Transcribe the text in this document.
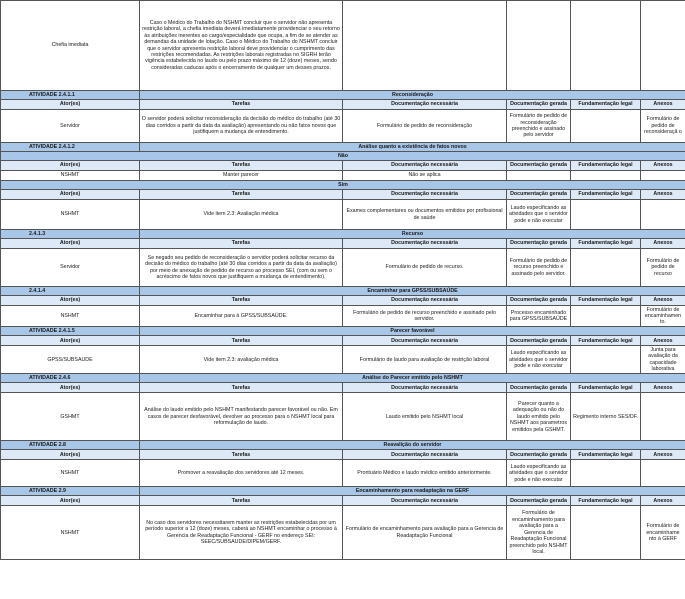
Chefia imediata	Caso o Médico do Trabalho do NSHMT concluir que o servidor não apresenta restrição laboral, a chefia imediata deverá imediatamente providenciar o seu retorno às atribuições inerentes ao cargo/especialidade que ocupa, a fim de se atender as demandas da unidade de lotação. Caso o Médico do Trabalho do NSHMT concluir que o servidor apresenta restrição laboral deve providenciar o cumprimento das restrições recomendadas. As restrições laborais registradas no SIGRH terão vigência estabelecida no laudo ou pelo prazo máximo de 12 (doze) meses, sendo consideradas caducas após o encerramento de qualquer um desses prazos.				
ATIVIDADE 2.4.1.1	Reconsideração				
Ator(es)	Tarefas	Documentação necessária	Documentação gerada	Fundamentação legal	Anexos
Servidor	O servidor poderá solicitar reconsideração da decisão do médico do trabalho (até 30 dias corridos a partir da data da avaliação) apresentando ou não fatos novos que justifiquem a mudança de entendimento.	Formulário de pedido de reconsideração	Formulário de pedido de reconsideração preenchido e assinado pelo servidor		Formulário de pedido de reconsideraçã o
ATIVIDADE 2.4.1.2	Análise quanto a existência de fatos novos				
Não					
Ator(es)	Tarefas	Documentação necessária	Documentação gerada	Fundamentação legal	Anexos
NSHMT	Manter parecer	Não se aplica			
Sim					
Ator(es)	Tarefas	Documentação necessária	Documentação gerada	Fundamentação legal	Anexos
NSHMT	Vide item 2.3: Avaliação médica	Exames complementares ou documentos emitidos por profissional de saúde	Laudo especificando as atividades que o servidor pode e não executar		
2.4.1.3	Recurso				
Ator(es)	Tarefas	Documentação necessária	Documentação gerada	Fundamentação legal	Anexos
Servidor	Se negado seu pedido de reconsideração o servidor poderá solicitar recurso da decisão do médico do trabalho (até 30 dias corridos a partir da data da avaliação) por meio de anexação de pedido de recurso ao processo SEI, (com ou sem o acréscimo de fatos novos que justifiquem a mudança de entendimento).	Formulário de pedido de recurso.	Formulário de pedido de recurso preenchido e assinado pelo servidor.		Formulário de pedido de recurso
2.4.1.4	Encaminhar para GPSS/SUBSAÚDE				
Ator(es)	Tarefas	Documentação necessária	Documentação gerada	Fundamentação legal	Anexos
NSHMT	Encaminhar para à GPSS/SUBSAÚDE.	Formulário de pedido de recurso preenchido e assinado pelo servidor.	Processo encaminhado para GPSS/SUBSAÚDE		Formulário de encaminhamen to.
ATIVIDADE 2.4.1.5	Parecer favorável				
Ator(es)	Tarefas	Documentação necessária	Documentação gerada	Fundamentação legal	Anexos
GPSS/SUBSAUDE	Vide item 2.3: avaliação médica	Formulário de laudo para avaliação de restrição laboral	Laudo especificando as atividades que o servidor pode e não executar		Junta para avaliação da capacidade laborativa
ATIVIDADE 2.4.6	Análise do Parecer emitido pelo NSHMT				
Ator(es)	Tarefas	Documentação necessária	Documentação gerada	Fundamentação legal	Anexos
GSHMT	Análise do laudo emitido pelo NSHMT manifestando parecer favorável ou não. Em casos de parecer desfavorável, devolver ao processo para o NSHMT local para reformulação de laudo.	Laudo emitido pelo NSHMT local	Parecer quanto a adequação ou não do laudo emitido pelo NSHMT aos parametros emitidos pela GSHMT.	Regimento interno SES/DF.	
ATIVIDADE 2.8	Reavalição do servidor				
Ator(es)	Tarefas	Documentação necessária	Documentação gerada	Fundamentação legal	Anexos
NSHMT	Promover a reavaliação dos servidores até 12 meses.	Prontuário Médico e laudo médico emitido anteriormente.	Laudo especificando as atividades que o servidor pode e não executar		
ATIVIDADE 2.9	Encaminhamento para readaptação na GERF				
Ator(es)	Tarefas	Documentação necessária	Documentação gerada	Fundamentação legal	Anexos
NSHMT	No caso dos servidores necessitarem manter as restrições estabelecidas por um período superior a 12 (doze) meses, caberá ao NSHMT encaminhar o processo à Gerencia de Readaptação Funcional - GERF no endereço SEI: SEEC/SUBSAUDE/DIPEM/GERF.	Formulário de encaminhamento para avaliação para a Gerencia de Readaptação Funcional	Formulário de encaminhamento para avaliação para a Gerencia de Readaptação Funcional preenchido pelo NSHMT local.		Formulário de encaminhame nto à GERF
